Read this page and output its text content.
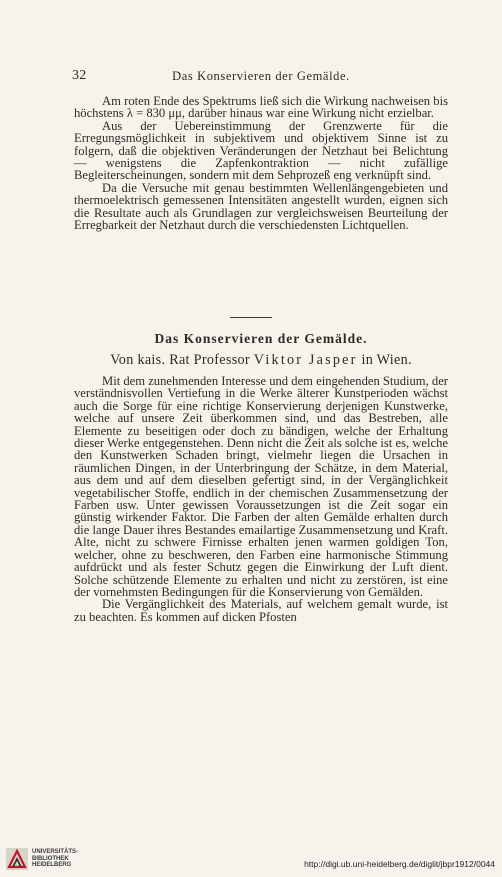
32	Das Konservieren der Gemälde.

Am roten Ende des Spektrums ließ sich die Wirkung nachweisen bis höchstens λ = 830 μμ, darüber hinaus war eine Wirkung nicht erzielbar.

Aus der Uebereinstimmung der Grenzwerte für die Erregungsmöglichkeit in subjektivem und objektivem Sinne ist zu folgern, daß die objektiven Veränderungen der Netzhaut bei Belichtung — wenigstens die Zapfenkontraktion — nicht zufällige Begleiterscheinungen, sondern mit dem Sehprozeß eng verknüpft sind.

Da die Versuche mit genau bestimmten Wellenlängengebieten und thermoelektrisch gemessenen Intensitäten angestellt wurden, eignen sich die Resultate auch als Grundlagen zur vergleichsweisen Beurteilung der Erregbarkeit der Netzhaut durch die verschiedensten Lichtquellen.

Das Konservieren der Gemälde.
Von kais. Rat Professor Viktor Jasper in Wien.

Mit dem zunehmenden Interesse und dem eingehenden Studium, der verständnisvollen Vertiefung in die Werke älterer Kunstperioden wächst auch die Sorge für eine richtige Konservierung derjenigen Kunstwerke, welche auf unsere Zeit überkommen sind, und das Bestreben, alle Elemente zu beseitigen oder doch zu bändigen, welche der Erhaltung dieser Werke entgegenstehen. Denn nicht die Zeit als solche ist es, welche den Kunstwerken Schaden bringt, vielmehr liegen die Ursachen in räumlichen Dingen, in der Unterbringung der Schätze, in dem Material, aus dem und auf dem dieselben gefertigt sind, in der Vergänglichkeit vegetabilischer Stoffe, endlich in der chemischen Zusammensetzung der Farben usw. Unter gewissen Voraussetzungen ist die Zeit sogar ein günstig wirkender Faktor. Die Farben der alten Gemälde erhalten durch die lange Dauer ihres Bestandes emailartige Zusammensetzung und Kraft. Alte, nicht zu schwere Firnisse erhalten jenen warmen goldigen Ton, welcher, ohne zu beschweren, den Farben eine harmonische Stimmung aufdrückt und als fester Schutz gegen die Einwirkung der Luft dient. Solche schützende Elemente zu erhalten und nicht zu zerstören, ist eine der vornehmsten Bedingungen für die Konservierung von Gemälden.

Die Vergänglichkeit des Materials, auf welchem gemalt wurde, ist zu beachten. Es kommen auf dicken Pfosten

UNIVERSITÄTS-
BIBLIOTHEK
HEIDELBERG	http://digi.ub.uni-heidelberg.de/diglit/jbpr1912/0044
